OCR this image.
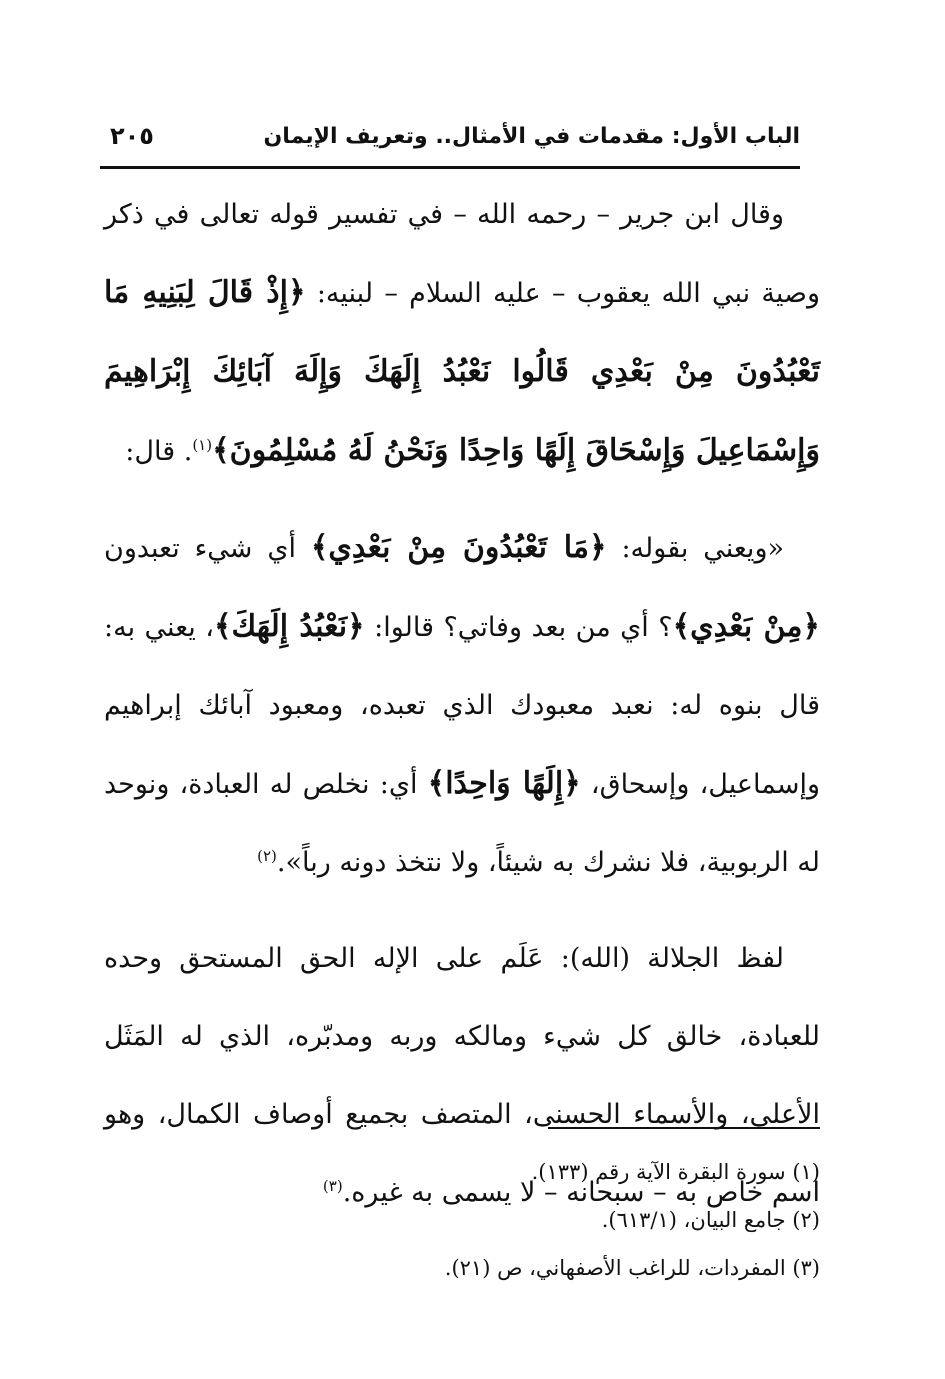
الباب الأول: مقدمات في الأمثال.. وتعريف الإيمان
٢٠٥

وقال ابن جرير – رحمه الله – في تفسير قوله تعالى في ذكر وصية نبي الله يعقوب – عليه السلام – لبنيه: ﴿إِذْ قَالَ لِبَنِيهِ مَا تَعْبُدُونَ مِنْ بَعْدِي قَالُوا نَعْبُدُ إِلَهَكَ وَإِلَهَ آبَائِكَ إِبْرَاهِيمَ وَإِسْمَاعِيلَ وَإِسْحَاقَ إِلَهًا وَاحِدًا وَنَحْنُ لَهُ مُسْلِمُونَ﴾$^{(١)}$. قال:

«ويعني بقوله: ﴿مَا تَعْبُدُونَ مِنْ بَعْدِي﴾ أي شيء تعبدون ﴿مِنْ بَعْدِي﴾؟ أي من بعد وفاتي؟ قالوا: ﴿نَعْبُدُ إِلَهَكَ﴾، يعني به: قال بنوه له: نعبد معبودك الذي تعبده، ومعبود آبائك إبراهيم وإسماعيل، وإسحاق، ﴿إِلَهًا وَاحِدًا﴾ أي: نخلص له العبادة، ونوحد له الربوبية، فلا نشرك به شيئاً، ولا نتخذ دونه رباً».$^{(٢)}$

لفظ الجلالة (الله): عَلَم على الإله الحق المستحق وحده للعبادة، خالق كل شيء ومالكه وربه ومدبّره، الذي له المَثَل الأعلى، والأسماء الحسنى، المتصف بجميع أوصاف الكمال، وهو اسم خاص به – سبحانه – لا يسمى به غيره.$^{(٣)}$

(١) سورة البقرة الآية رقم (١٣٣).
(٢) جامع البيان، (٦١٣/١).
(٣) المفردات، للراغب الأصفهاني، ص (٢١).
